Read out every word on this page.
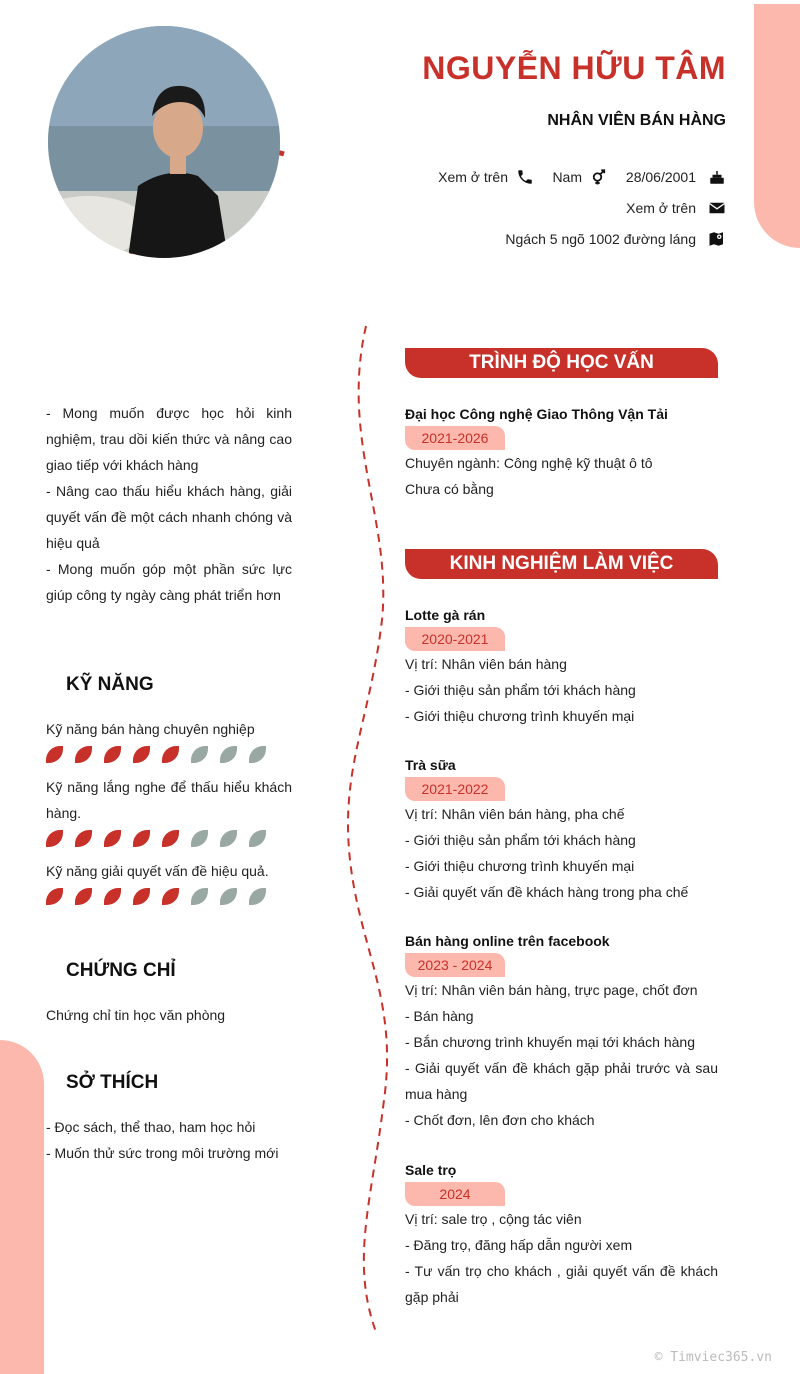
NGUYỄN HỮU TÂM
NHÂN VIÊN BÁN HÀNG
Xem ở trên	Nam	28/06/2001
Xem ở trên
Ngách 5 ngõ 1002 đường láng
- Mong muốn được học hỏi kinh nghiệm, trau dồi kiến thức và nâng cao giao tiếp với khách hàng
- Nâng cao thấu hiểu khách hàng, giải quyết vấn đề một cách nhanh chóng và hiệu quả
- Mong muốn góp một phần sức lực giúp công ty ngày càng phát triển hơn
KỸ NĂNG
Kỹ năng bán hàng chuyên nghiệp
Kỹ năng lắng nghe để thấu hiểu khách hàng.
Kỹ năng giải quyết vấn đề hiệu quả.
CHỨNG CHỈ
Chứng chỉ tin học văn phòng
SỞ THÍCH
- Đọc sách, thể thao, ham học hỏi
- Muốn thử sức trong môi trường mới
TRÌNH ĐỘ HỌC VẤN
Đại học Công nghệ Giao Thông Vận Tải
2021-2026
Chuyên ngành: Công nghệ kỹ thuật ô tô
Chưa có bằng
KINH NGHIỆM LÀM VIỆC
Lotte gà rán
2020-2021
Vị trí: Nhân viên bán hàng
- Giới thiệu sản phẩm tới khách hàng
- Giới thiệu chương trình khuyến mại
Trà sữa
2021-2022
Vị trí: Nhân viên bán hàng, pha chế
- Giới thiệu sản phẩm tới khách hàng
- Giới thiệu chương trình khuyến mại
- Giải quyết vấn đề khách hàng trong pha chế
Bán hàng online trên facebook
2023 - 2024
Vị trí: Nhân viên bán hàng, trực page, chốt đơn
- Bán hàng
- Bắn chương trình khuyến mại tới khách hàng
- Giải quyết vấn đề khách gặp phải trước và sau mua hàng
- Chốt đơn, lên đơn cho khách
Sale trọ
2024
Vị trí: sale trọ , cộng tác viên
- Đăng trọ, đăng hấp dẫn người xem
- Tư vấn trọ cho khách , giải quyết vấn đề khách gặp phải
© Timviec365.vn
